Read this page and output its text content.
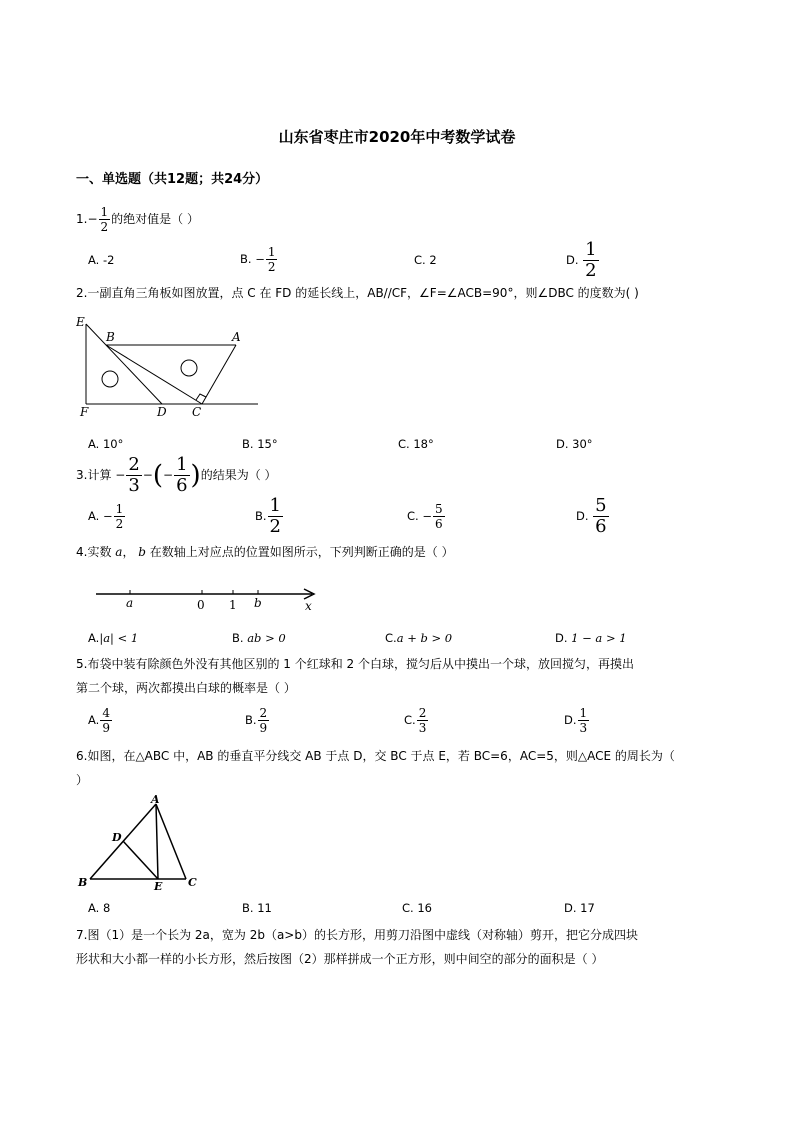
山东省枣庄市2020年中考数学试卷
一、单选题（共12题；共24分）
$1.- \frac{1}{2}$ 的绝对值是（ ）
A. -2	B. − $\frac{1}{2}$	C. 2	D. $\frac{1}{2}$
2.一副直角三角板如图放置，点 C 在 FD 的延长线上，AB//CF，∠F=∠ACB=90°，则∠DBC 的度数为( )
E
B	A
F	D C
A. 10°	B. 15°	C. 18°	D. 30°
3.计算 − $\frac{2}{3}$ −(− $\frac{1}{6}$ )的结果为（ ）
A. − $\frac{1}{2}$	B. $\frac{1}{2}$	C. − $\frac{5}{6}$	D. $\frac{5}{6}$
4.实数 a， b 在数轴上对应点的位置如图所示，下列判断正确的是（ ）
a	0 1 b	x
A.|a| < 1	B. ab > 0	C.a + b > 0	D. 1 − a > 1
5.布袋中装有除颜色外没有其他区别的 1 个红球和 2 个白球，搅匀后从中摸出一个球，放回搅匀，再摸出
第二个球，两次都摸出白球的概率是（ ）
A. $\frac{4}{9}$	B. $\frac{2}{9}$	C. $\frac{2}{3}$	D. $\frac{1}{3}$
6.如图，在△ABC 中，AB 的垂直平分线交 AB 于点 D，交 BC 于点 E，若 BC=6，AC=5，则△ACE 的周长为（
）
A
D
B	E C
A. 8	B. 11	C. 16	D. 17
7.图（1）是一个长为 2a，宽为 2b（a>b）的长方形，用剪刀沿图中虚线（对称轴）剪开，把它分成四块
形状和大小都一样的小长方形，然后按图（2）那样拼成一个正方形，则中间空的部分的面积是（ ）
